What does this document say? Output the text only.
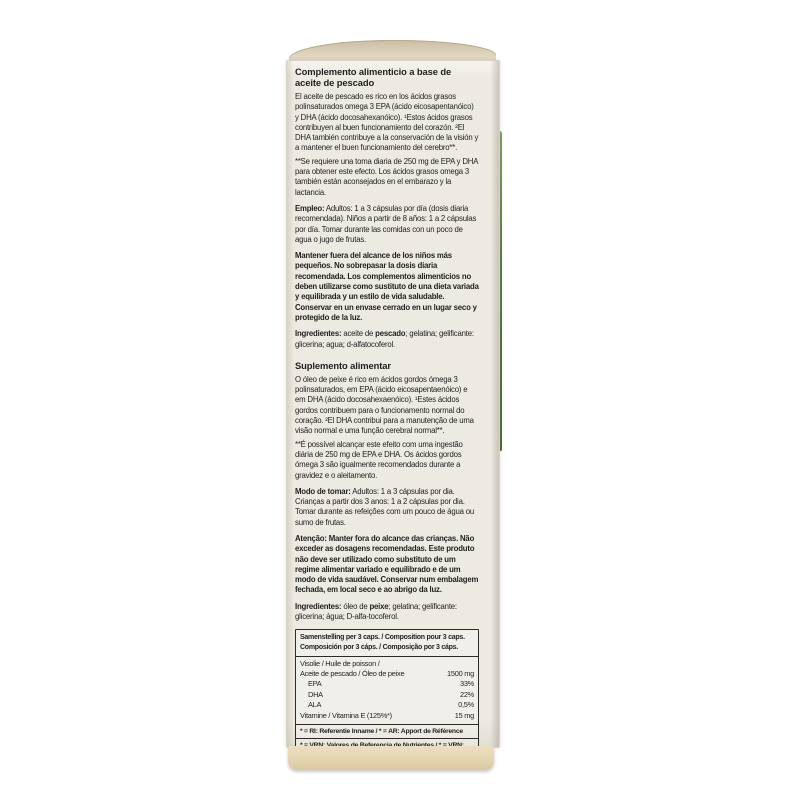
Complemento alimenticio a base de aceite de pescado

El aceite de pescado es rico en los ácidos grasos polinsaturados omega 3 EPA (ácido eicosapentanóico) y DHA (ácido docosahexanóico). ¹Estos ácidos grasos contribuyen al buen funcionamiento del corazón. ²El DHA también contribuye a la conservación de la visión y a mantener el buen funcionamiento del cerebro**.

**Se requiere una toma diaria de 250 mg de EPA y DHA para obtener este efecto. Los ácidos grasos omega 3 también están aconsejados en el embarazo y la lactancia.

Empleo: Adultos: 1 a 3 cápsulas por día (dosis diaria recomendada). Niños a partir de 8 años: 1 a 2 cápsulas por día. Tomar durante las comidas con un poco de agua o jugo de frutas.

Mantener fuera del alcance de los niños más pequeños. No sobrepasar la dosis diaria recomendada. Los complementos alimenticios no deben utilizarse como sustituto de una dieta variada y equilibrada y un estilo de vida saludable. Conservar en un envase cerrado en un lugar seco y protegido de la luz.

Ingredientes: aceite de pescado; gelatina; gelificante: glicerina; agua; d-alfatocoferol.

Suplemento alimentar

O óleo de peixe é rico em ácidos gordos ómega 3 polinsaturados, em EPA (ácido eicosapentaenóico) e em DHA (ácido docosahexaenóico). ¹Estes ácidos gordos contribuem para o funcionamento normal do coração. ²El DHA contribui para a manutenção de uma visão normal e uma função cerebral normal**.

**É possível alcançar este efeito com uma ingestão diária de 250 mg de EPA e DHA. Os ácidos gordos ómega 3 são igualmente recomendados durante a gravidez e o aleitamento.

Modo de tomar: Adultos: 1 a 3 cápsulas por dia. Crianças a partir dos 3 anos: 1 a 2 cápsulas por dia. Tomar durante as refeições com um pouco de água ou sumo de frutas.

Atenção: Manter fora do alcance das crianças. Não exceder as dosagens recomendadas. Este produto não deve ser utilizado como substituto de um regime alimentar variado e equilibrado e de um modo de vida saudável. Conservar num embalagem fechada, em local seco e ao abrigo da luz.

Ingredientes: óleo de peixe; gelatina; gelificante: glicerina; água; D-alfa-tocoferol.

Samenstelling per 3 caps. / Composition pour 3 caps.
Composición por 3 cáps. / Composição por 3 cáps.
Visolie / Huile de poisson /
Aceite de pescado / Óleo de peixe	1500 mg
EPA	33%
DHA	22%
ALA	0,5%
Vitamine / Vitamina E (125%*)	15 mg
* = RI: Referentie Inname / * = AR: Apport de Référence
